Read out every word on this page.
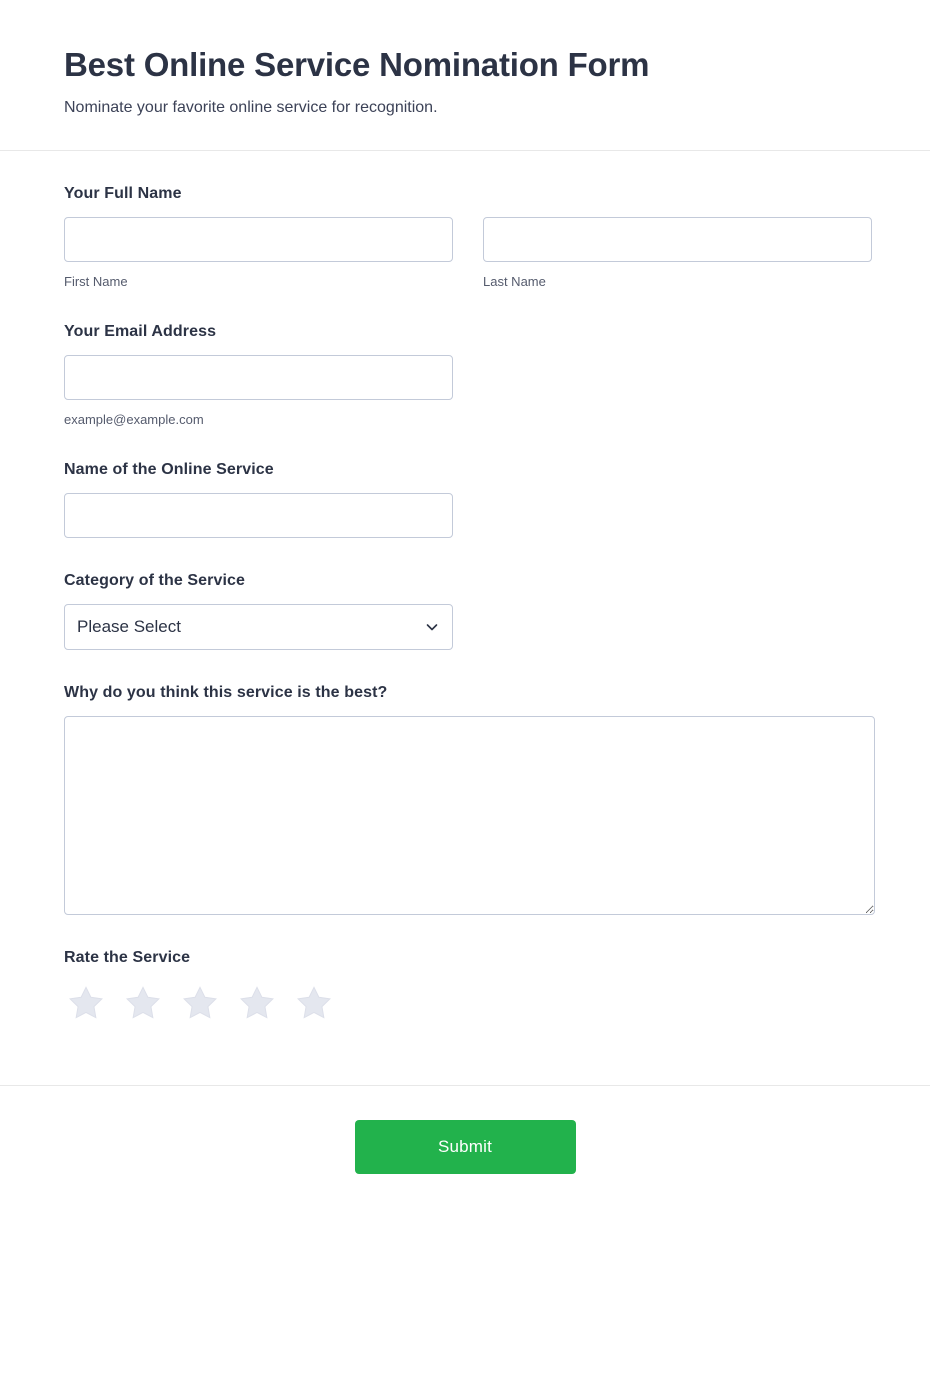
Best Online Service Nomination Form

Nominate your favorite online service for recognition.

Your Full Name
First Name	Last Name
Your Email Address
example@example.com
Name of the Online Service
Category of the Service
Please Select
Why do you think this service is the best?
Rate the Service
Submit
